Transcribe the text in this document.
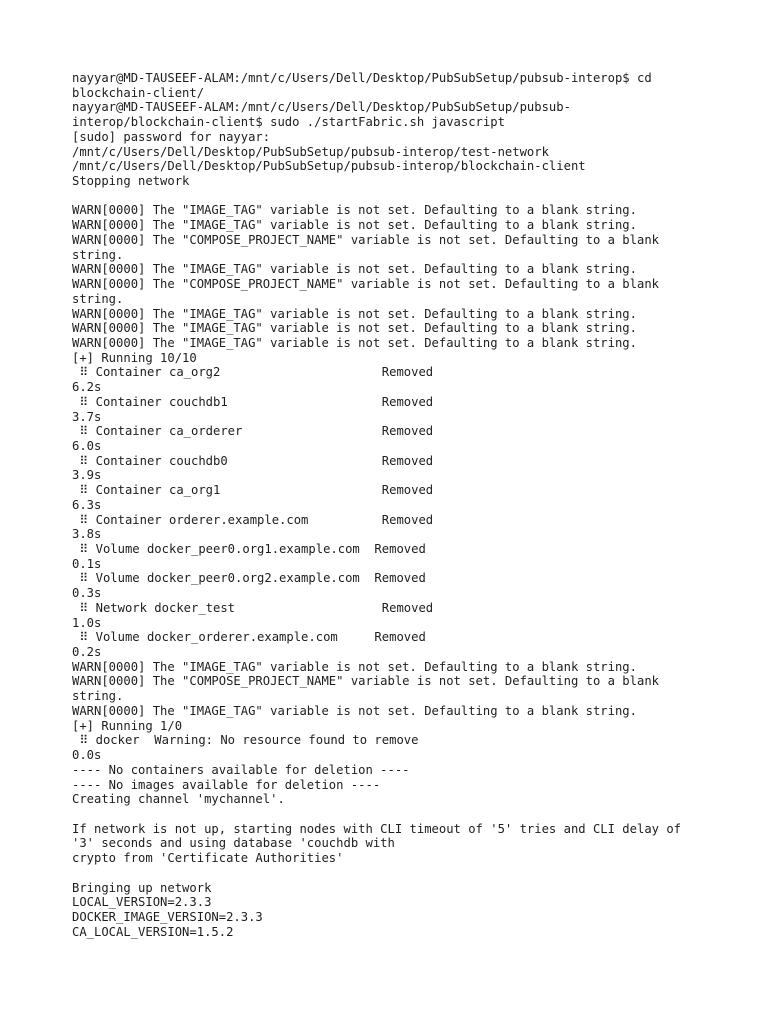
nayyar@MD-TAUSEEF-ALAM:/mnt/c/Users/Dell/Desktop/PubSubSetup/pubsub-interop$ cd
blockchain-client/
nayyar@MD-TAUSEEF-ALAM:/mnt/c/Users/Dell/Desktop/PubSubSetup/pubsub-
interop/blockchain-client$ sudo ./startFabric.sh javascript
[sudo] password for nayyar:
/mnt/c/Users/Dell/Desktop/PubSubSetup/pubsub-interop/test-network
/mnt/c/Users/Dell/Desktop/PubSubSetup/pubsub-interop/blockchain-client
Stopping network
WARN[0000] The "IMAGE_TAG" variable is not set. Defaulting to a blank string.
WARN[0000] The "IMAGE_TAG" variable is not set. Defaulting to a blank string.
WARN[0000] The "COMPOSE_PROJECT_NAME" variable is not set. Defaulting to a blank
string.
WARN[0000] The "IMAGE_TAG" variable is not set. Defaulting to a blank string.
WARN[0000] The "COMPOSE_PROJECT_NAME" variable is not set. Defaulting to a blank
string.
WARN[0000] The "IMAGE_TAG" variable is not set. Defaulting to a blank string.
WARN[0000] The "IMAGE_TAG" variable is not set. Defaulting to a blank string.
WARN[0000] The "IMAGE_TAG" variable is not set. Defaulting to a blank string.
[+] Running 10/10
⠿ Container ca_org2                      Removed
6.2s
⠿ Container couchdb1                     Removed
3.7s
⠿ Container ca_orderer                   Removed
6.0s
⠿ Container couchdb0                     Removed
3.9s
⠿ Container ca_org1                      Removed
6.3s
⠿ Container orderer.example.com          Removed
3.8s
⠿ Volume docker_peer0.org1.example.com  Removed
0.1s
⠿ Volume docker_peer0.org2.example.com  Removed
0.3s
⠿ Network docker_test                    Removed
1.0s
⠿ Volume docker_orderer.example.com     Removed
0.2s
WARN[0000] The "IMAGE_TAG" variable is not set. Defaulting to a blank string.
WARN[0000] The "COMPOSE_PROJECT_NAME" variable is not set. Defaulting to a blank
string.
WARN[0000] The "IMAGE_TAG" variable is not set. Defaulting to a blank string.
[+] Running 1/0
⠿ docker  Warning: No resource found to remove
0.0s
---- No containers available for deletion ----
---- No images available for deletion ----
Creating channel 'mychannel'.
If network is not up, starting nodes with CLI timeout of '5' tries and CLI delay of
'3' seconds and using database 'couchdb with
crypto from 'Certificate Authorities'
Bringing up network
LOCAL_VERSION=2.3.3
DOCKER_IMAGE_VERSION=2.3.3
CA_LOCAL_VERSION=1.5.2
